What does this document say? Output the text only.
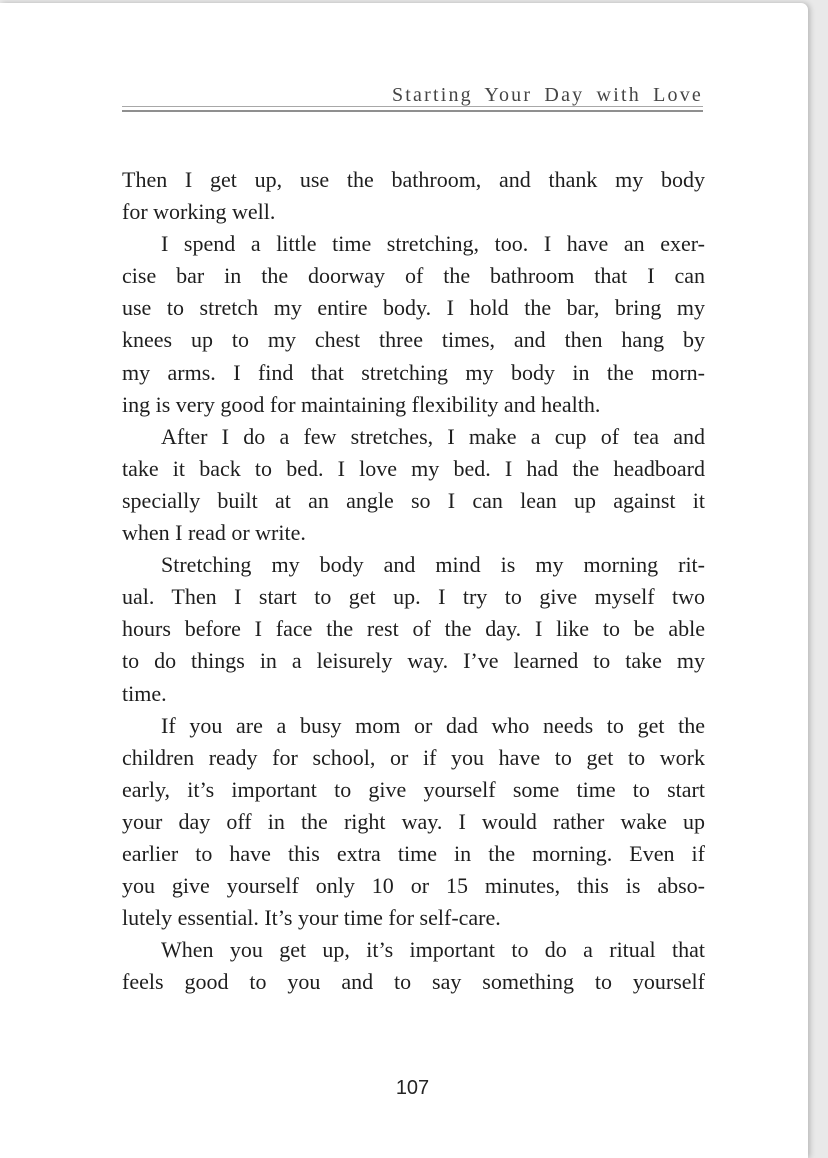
Starting Your Day with Love
Then I get up, use the bathroom, and thank my body
for working well.
I spend a little time stretching, too. I have an exer-
cise bar in the doorway of the bathroom that I can
use to stretch my entire body. I hold the bar, bring my
knees up to my chest three times, and then hang by
my arms. I find that stretching my body in the morn-
ing is very good for maintaining flexibility and health.
After I do a few stretches, I make a cup of tea and
take it back to bed. I love my bed. I had the headboard
specially built at an angle so I can lean up against it
when I read or write.
Stretching my body and mind is my morning rit-
ual. Then I start to get up. I try to give myself two
hours before I face the rest of the day. I like to be able
to do things in a leisurely way. I’ve learned to take my
time.
If you are a busy mom or dad who needs to get the
children ready for school, or if you have to get to work
early, it’s important to give yourself some time to start
your day off in the right way. I would rather wake up
earlier to have this extra time in the morning. Even if
you give yourself only 10 or 15 minutes, this is abso-
lutely essential. It’s your time for self-care.
When you get up, it’s important to do a ritual that
feels good to you and to say something to yourself
107
